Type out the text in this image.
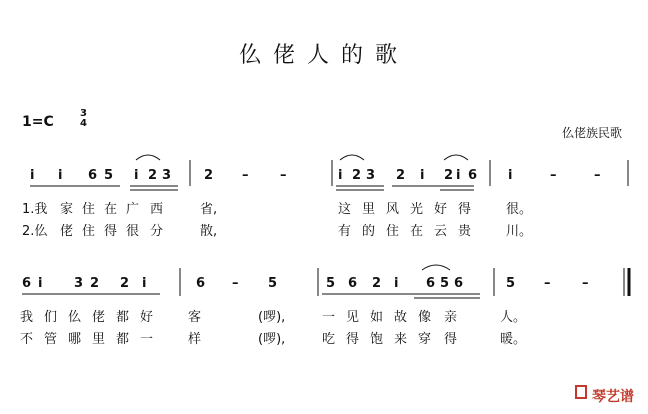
仫佬人的歌
1=C
3
4
仫佬族民歌
i i 6 5 i 2 3	2 – –	i 2 3 2 i 2 i 6 i	–	–
1.我 家 住 在 广 西	省,	这 里 风 光 好 得	很。
2.仫 佬 住 得 很 分	散,	有 的 住 在 云 贵	川。
6 i 3 2 2 i	6 – 5	5 6 2 i 6 5 6	5 – –
我 们 仫 佬 都 好	客	(啰),	一 见 如 故 像 亲	人。
不 管 哪 里 都 一	样	(啰),	吃 得 饱 来 穿 得	暖。
琴艺谱
